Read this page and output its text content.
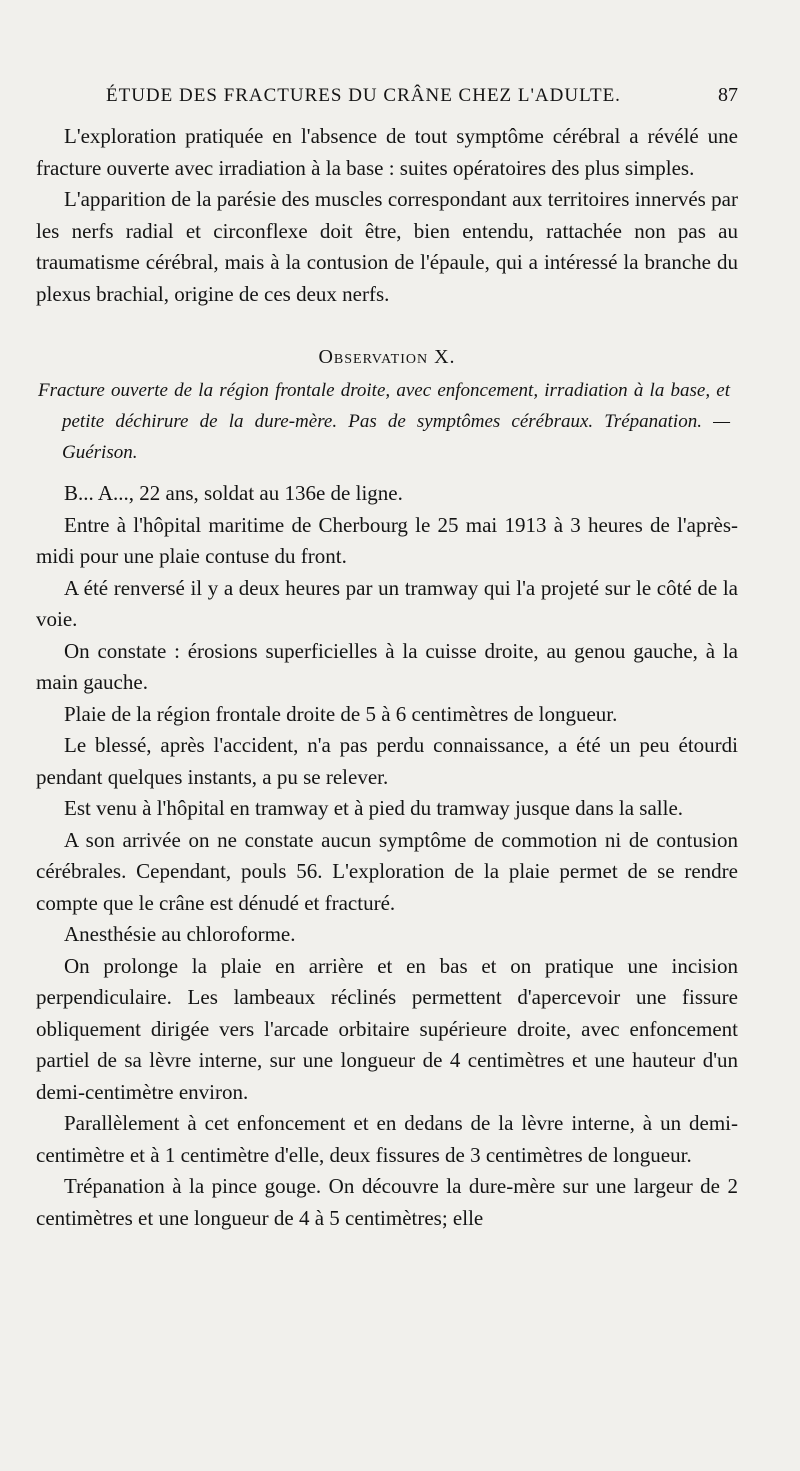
ÉTUDE DES FRACTURES DU CRÂNE CHEZ L'ADULTE.	87

L'exploration pratiquée en l'absence de tout symptôme cérébral a révélé une fracture ouverte avec irradiation à la base : suites opératoires des plus simples.

L'apparition de la parésie des muscles correspondant aux territoires innervés par les nerfs radial et circonflexe doit être, bien entendu, rattachée non pas au traumatisme cérébral, mais à la contusion de l'épaule, qui a intéressé la branche du plexus brachial, origine de ces deux nerfs.

Observation X.
Fracture ouverte de la région frontale droite, avec enfoncement, irradiation à la base, et petite déchirure de la dure-mère. Pas de symptômes cérébraux. Trépanation. — Guérison.

B... A..., 22 ans, soldat au 136e de ligne.

Entre à l'hôpital maritime de Cherbourg le 25 mai 1913 à 3 heures de l'après-midi pour une plaie contuse du front.

A été renversé il y a deux heures par un tramway qui l'a projeté sur le côté de la voie.

On constate : érosions superficielles à la cuisse droite, au genou gauche, à la main gauche.

Plaie de la région frontale droite de 5 à 6 centimètres de longueur.

Le blessé, après l'accident, n'a pas perdu connaissance, a été un peu étourdi pendant quelques instants, a pu se relever.

Est venu à l'hôpital en tramway et à pied du tramway jusque dans la salle.

A son arrivée on ne constate aucun symptôme de commotion ni de contusion cérébrales. Cependant, pouls 56. L'exploration de la plaie permet de se rendre compte que le crâne est dénudé et fracturé.

Anesthésie au chloroforme.

On prolonge la plaie en arrière et en bas et on pratique une incision perpendiculaire. Les lambeaux réclinés permettent d'apercevoir une fissure obliquement dirigée vers l'arcade orbitaire supérieure droite, avec enfoncement partiel de sa lèvre interne, sur une longueur de 4 centimètres et une hauteur d'un demi-centimètre environ.

Parallèlement à cet enfoncement et en dedans de la lèvre interne, à un demi-centimètre et à 1 centimètre d'elle, deux fissures de 3 centimètres de longueur.

Trépanation à la pince gouge. On découvre la dure-mère sur une largeur de 2 centimètres et une longueur de 4 à 5 centimètres; elle
